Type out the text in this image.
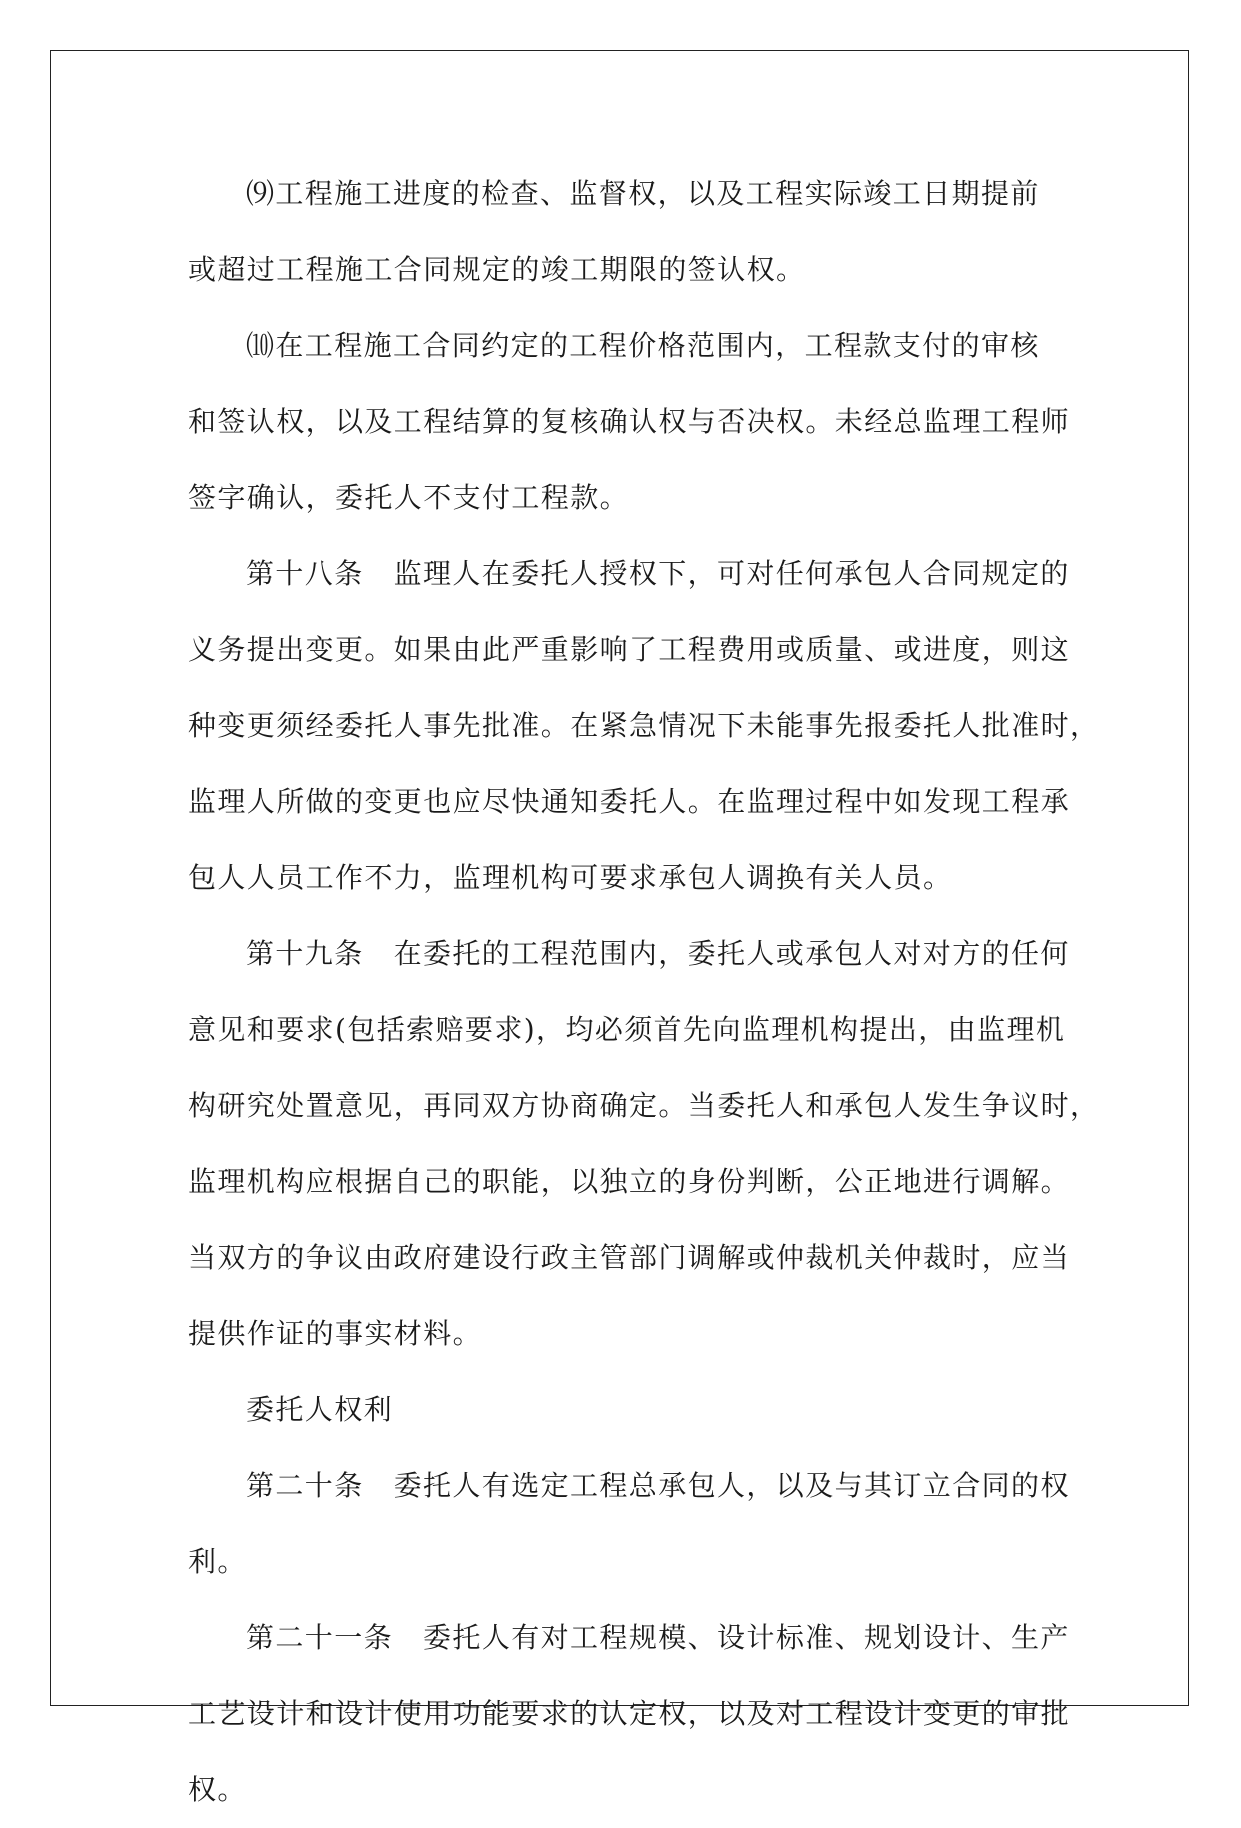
⑼工程施工进度的检查、监督权，以及工程实际竣工日期提前
或超过工程施工合同规定的竣工期限的签认权。
⑽在工程施工合同约定的工程价格范围内，工程款支付的审核
和签认权，以及工程结算的复核确认权与否决权。未经总监理工程师
签字确认，委托人不支付工程款。
第十八条 监理人在委托人授权下，可对任何承包人合同规定的
义务提出变更。如果由此严重影响了工程费用或质量、或进度，则这
种变更须经委托人事先批准。在紧急情况下未能事先报委托人批准时，
监理人所做的变更也应尽快通知委托人。在监理过程中如发现工程承
包人人员工作不力，监理机构可要求承包人调换有关人员。
第十九条 在委托的工程范围内，委托人或承包人对对方的任何
意见和要求(包括索赔要求)，均必须首先向监理机构提出，由监理机
构研究处置意见，再同双方协商确定。当委托人和承包人发生争议时，
监理机构应根据自己的职能，以独立的身份判断，公正地进行调解。
当双方的争议由政府建设行政主管部门调解或仲裁机关仲裁时，应当
提供作证的事实材料。
委托人权利
第二十条 委托人有选定工程总承包人，以及与其订立合同的权
利。
第二十一条 委托人有对工程规模、设计标准、规划设计、生产
工艺设计和设计使用功能要求的认定权，以及对工程设计变更的审批
权。
